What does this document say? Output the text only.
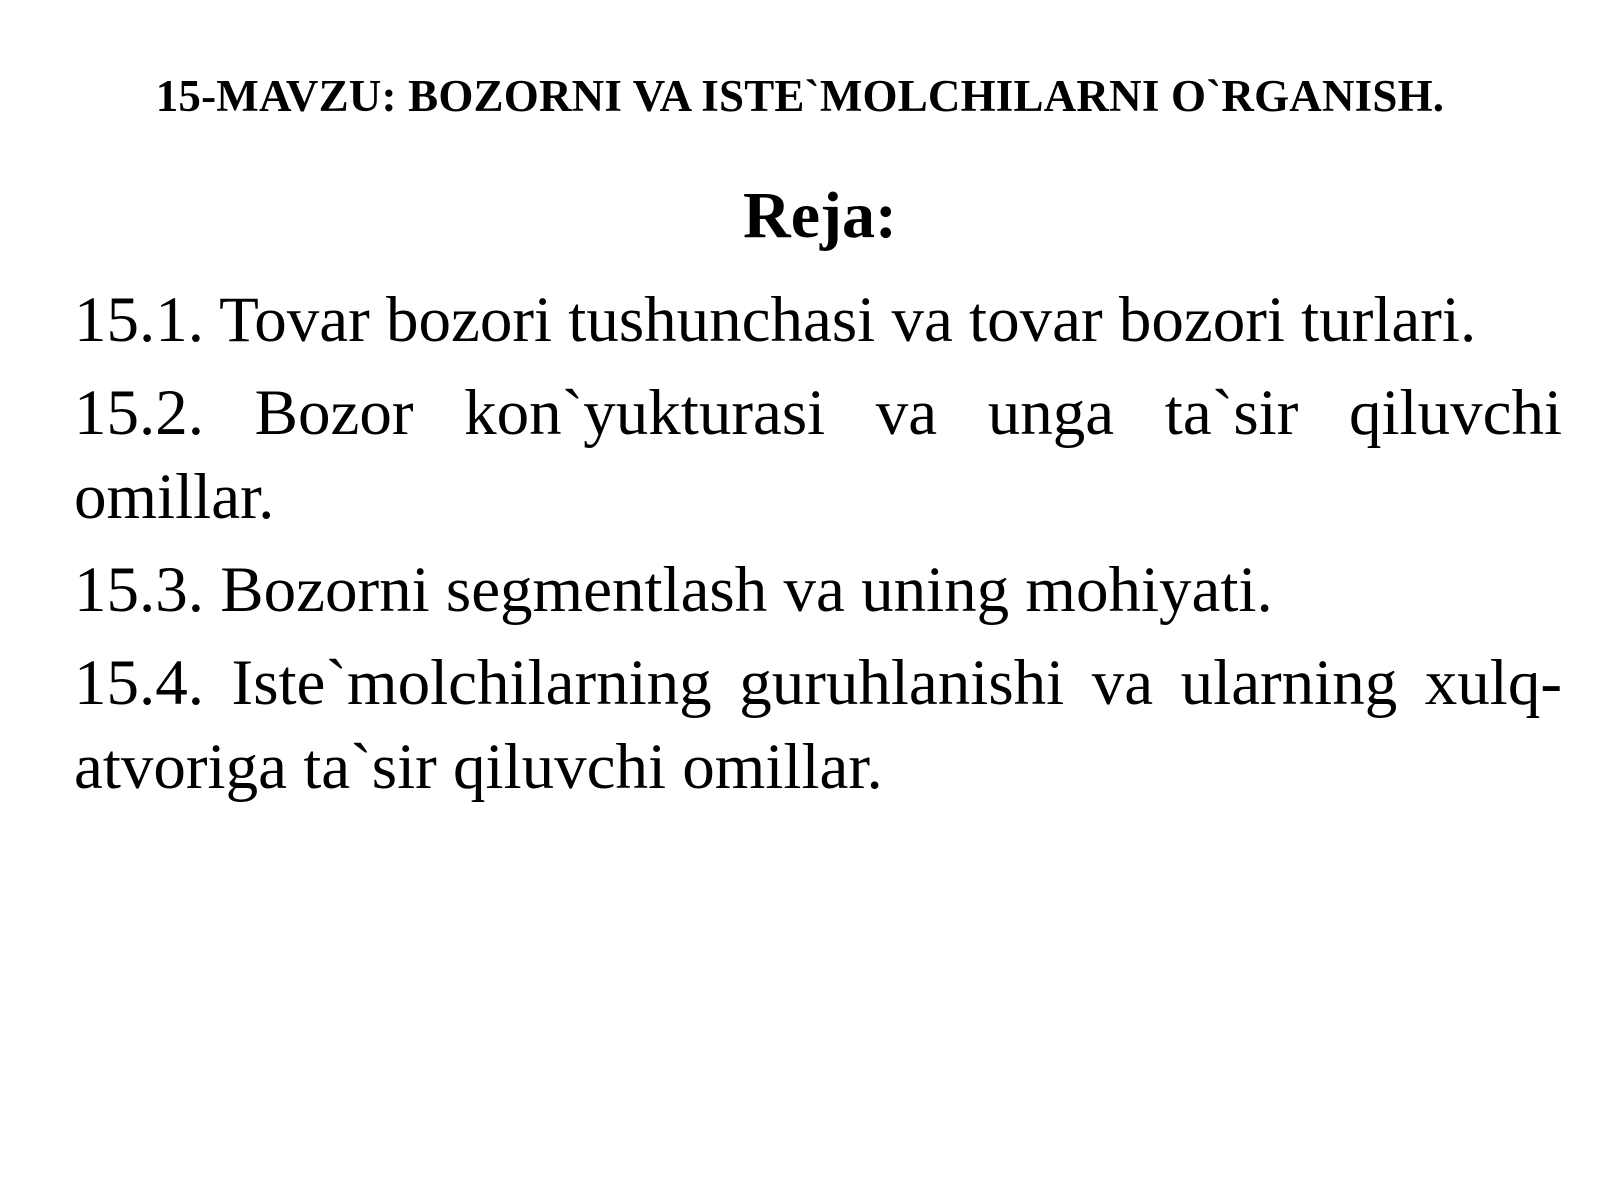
15-MAVZU: BOZORNI VA ISTE`MOLCHILARNI O`RGANISH.
Reja:
15.1. Tovar bozori tushunchasi va tovar bozori turlari.
15.2. Bozor kon`yukturasi va unga ta`sir qiluvchi omillar.
15.3. Bozorni segmentlash va uning mohiyati.
15.4. Iste`molchilarning guruhlanishi va ularning xulq-atvoriga ta`sir qiluvchi omillar.
